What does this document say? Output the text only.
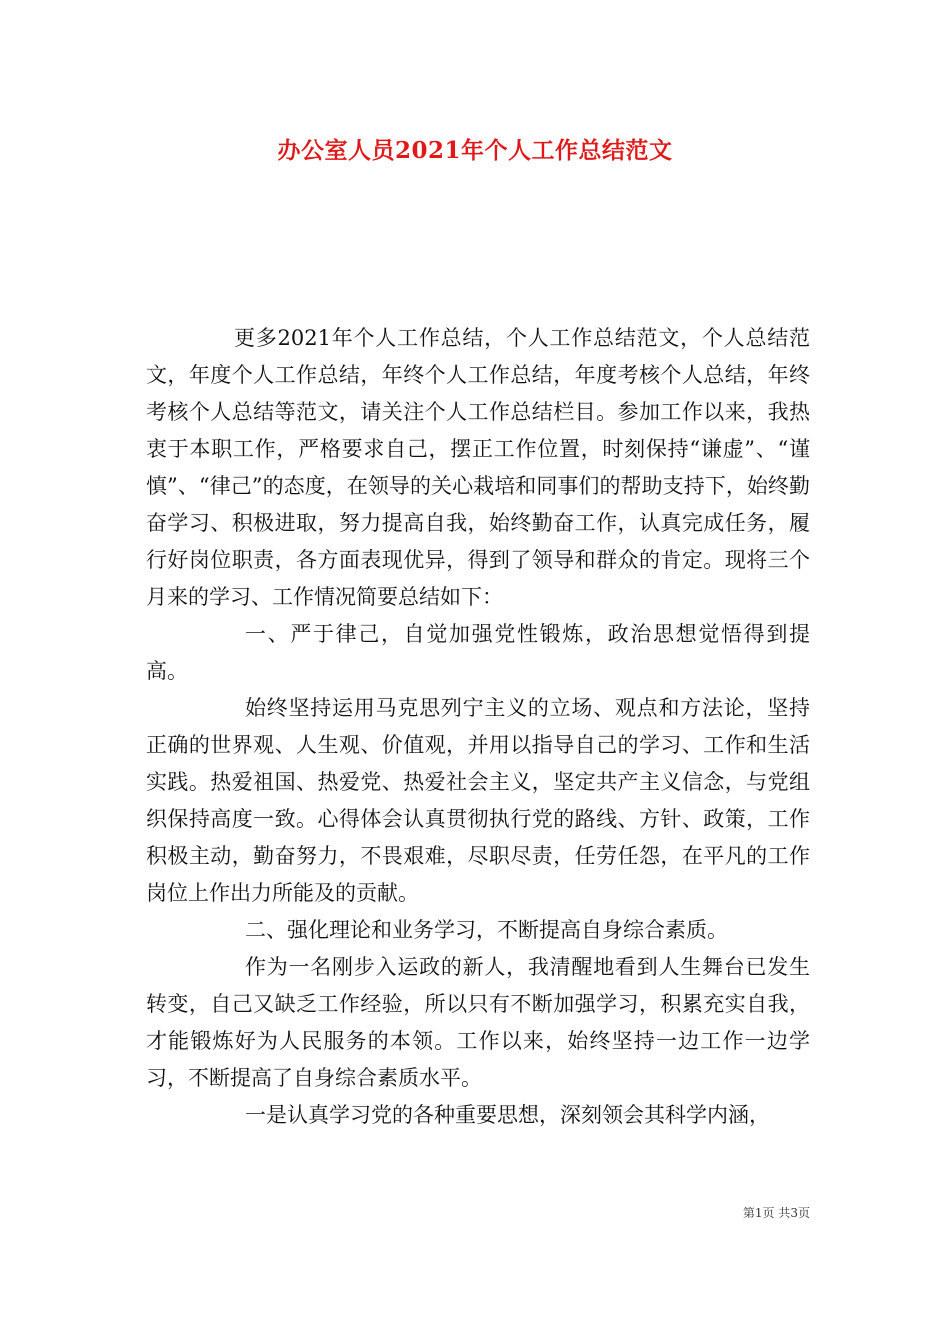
办公室人员2021年个人工作总结范文

更多2021年个人工作总结，个人工作总结范文，个人总结范文，年度个人工作总结，年终个人工作总结，年度考核个人总结，年终考核个人总结等范文，请关注个人工作总结栏目。参加工作以来，我热衷于本职工作，严格要求自己，摆正工作位置，时刻保持“谦虚”、“谨慎”、“律己”的态度，在领导的关心栽培和同事们的帮助支持下，始终勤奋学习、积极进取，努力提高自我，始终勤奋工作，认真完成任务，履行好岗位职责，各方面表现优异，得到了领导和群众的肯定。现将三个月来的学习、工作情况简要总结如下：

一、严于律己，自觉加强党性锻炼，政治思想觉悟得到提高。

始终坚持运用马克思列宁主义的立场、观点和方法论，坚持正确的世界观、人生观、价值观，并用以指导自己的学习、工作和生活实践。热爱祖国、热爱党、热爱社会主义，坚定共产主义信念，与党组织保持高度一致。心得体会认真贯彻执行党的路线、方针、政策，工作积极主动，勤奋努力，不畏艰难，尽职尽责，任劳任怨，在平凡的工作岗位上作出力所能及的贡献。

二、强化理论和业务学习，不断提高自身综合素质。

作为一名刚步入运政的新人，我清醒地看到人生舞台已发生转变，自己又缺乏工作经验，所以只有不断加强学习，积累充实自我，才能锻炼好为人民服务的本领。工作以来，始终坚持一边工作一边学习，不断提高了自身综合素质水平。

一是认真学习党的各种重要思想，深刻领会其科学内涵，

第1页 共3页
